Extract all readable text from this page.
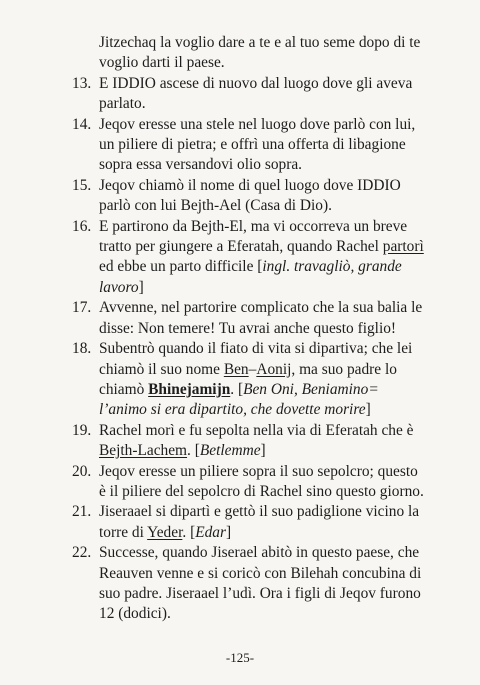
Jitzechaq la voglio dare a te e al tuo seme dopo di te voglio darti il paese.
13. E IDDIO ascese di nuovo dal luogo dove gli aveva parlato.
14. Jeqov eresse una stele nel luogo dove parlò con lui, un piliere di pietra; e offrì una offerta di libagione sopra essa versandovi olio sopra.
15. Jeqov chiamò il nome di quel luogo dove IDDIO parlò con lui Bejth-Ael (Casa di Dio).
16. E partirono da Bejth-El, ma vi occorreva un breve tratto per giungere a Eferatah, quando Rachel partorì ed ebbe un parto difficile [ingl. travagliò, grande lavoro]
17. Avvenne, nel partorire complicato che la sua balia le disse: Non temere! Tu avrai anche questo figlio!
18. Subentrò quando il fiato di vita si dipartiva; che lei chiamò il suo nome Ben–Aonij, ma suo padre lo chiamò Bhinejamijn. [Ben Oni, Beniamino= l’animo si era dipartito, che dovette morire]
19. Rachel morì e fu sepolta nella via di Eferatah che è Bejth-Lachem. [Betlemme]
20. Jeqov eresse un piliere sopra il suo sepolcro; questo è il piliere del sepolcro di Rachel sino questo giorno.
21. Jiseraael si dipartì e gettò il suo padiglione vicino la torre di Yeder. [Edar]
22. Successe, quando Jiserael abitò in questo paese, che Reauven venne e si coricò con Bilehah concubina di suo padre. Jiseraael l’udì. Ora i figli di Jeqov furono 12 (dodici).
-125-
